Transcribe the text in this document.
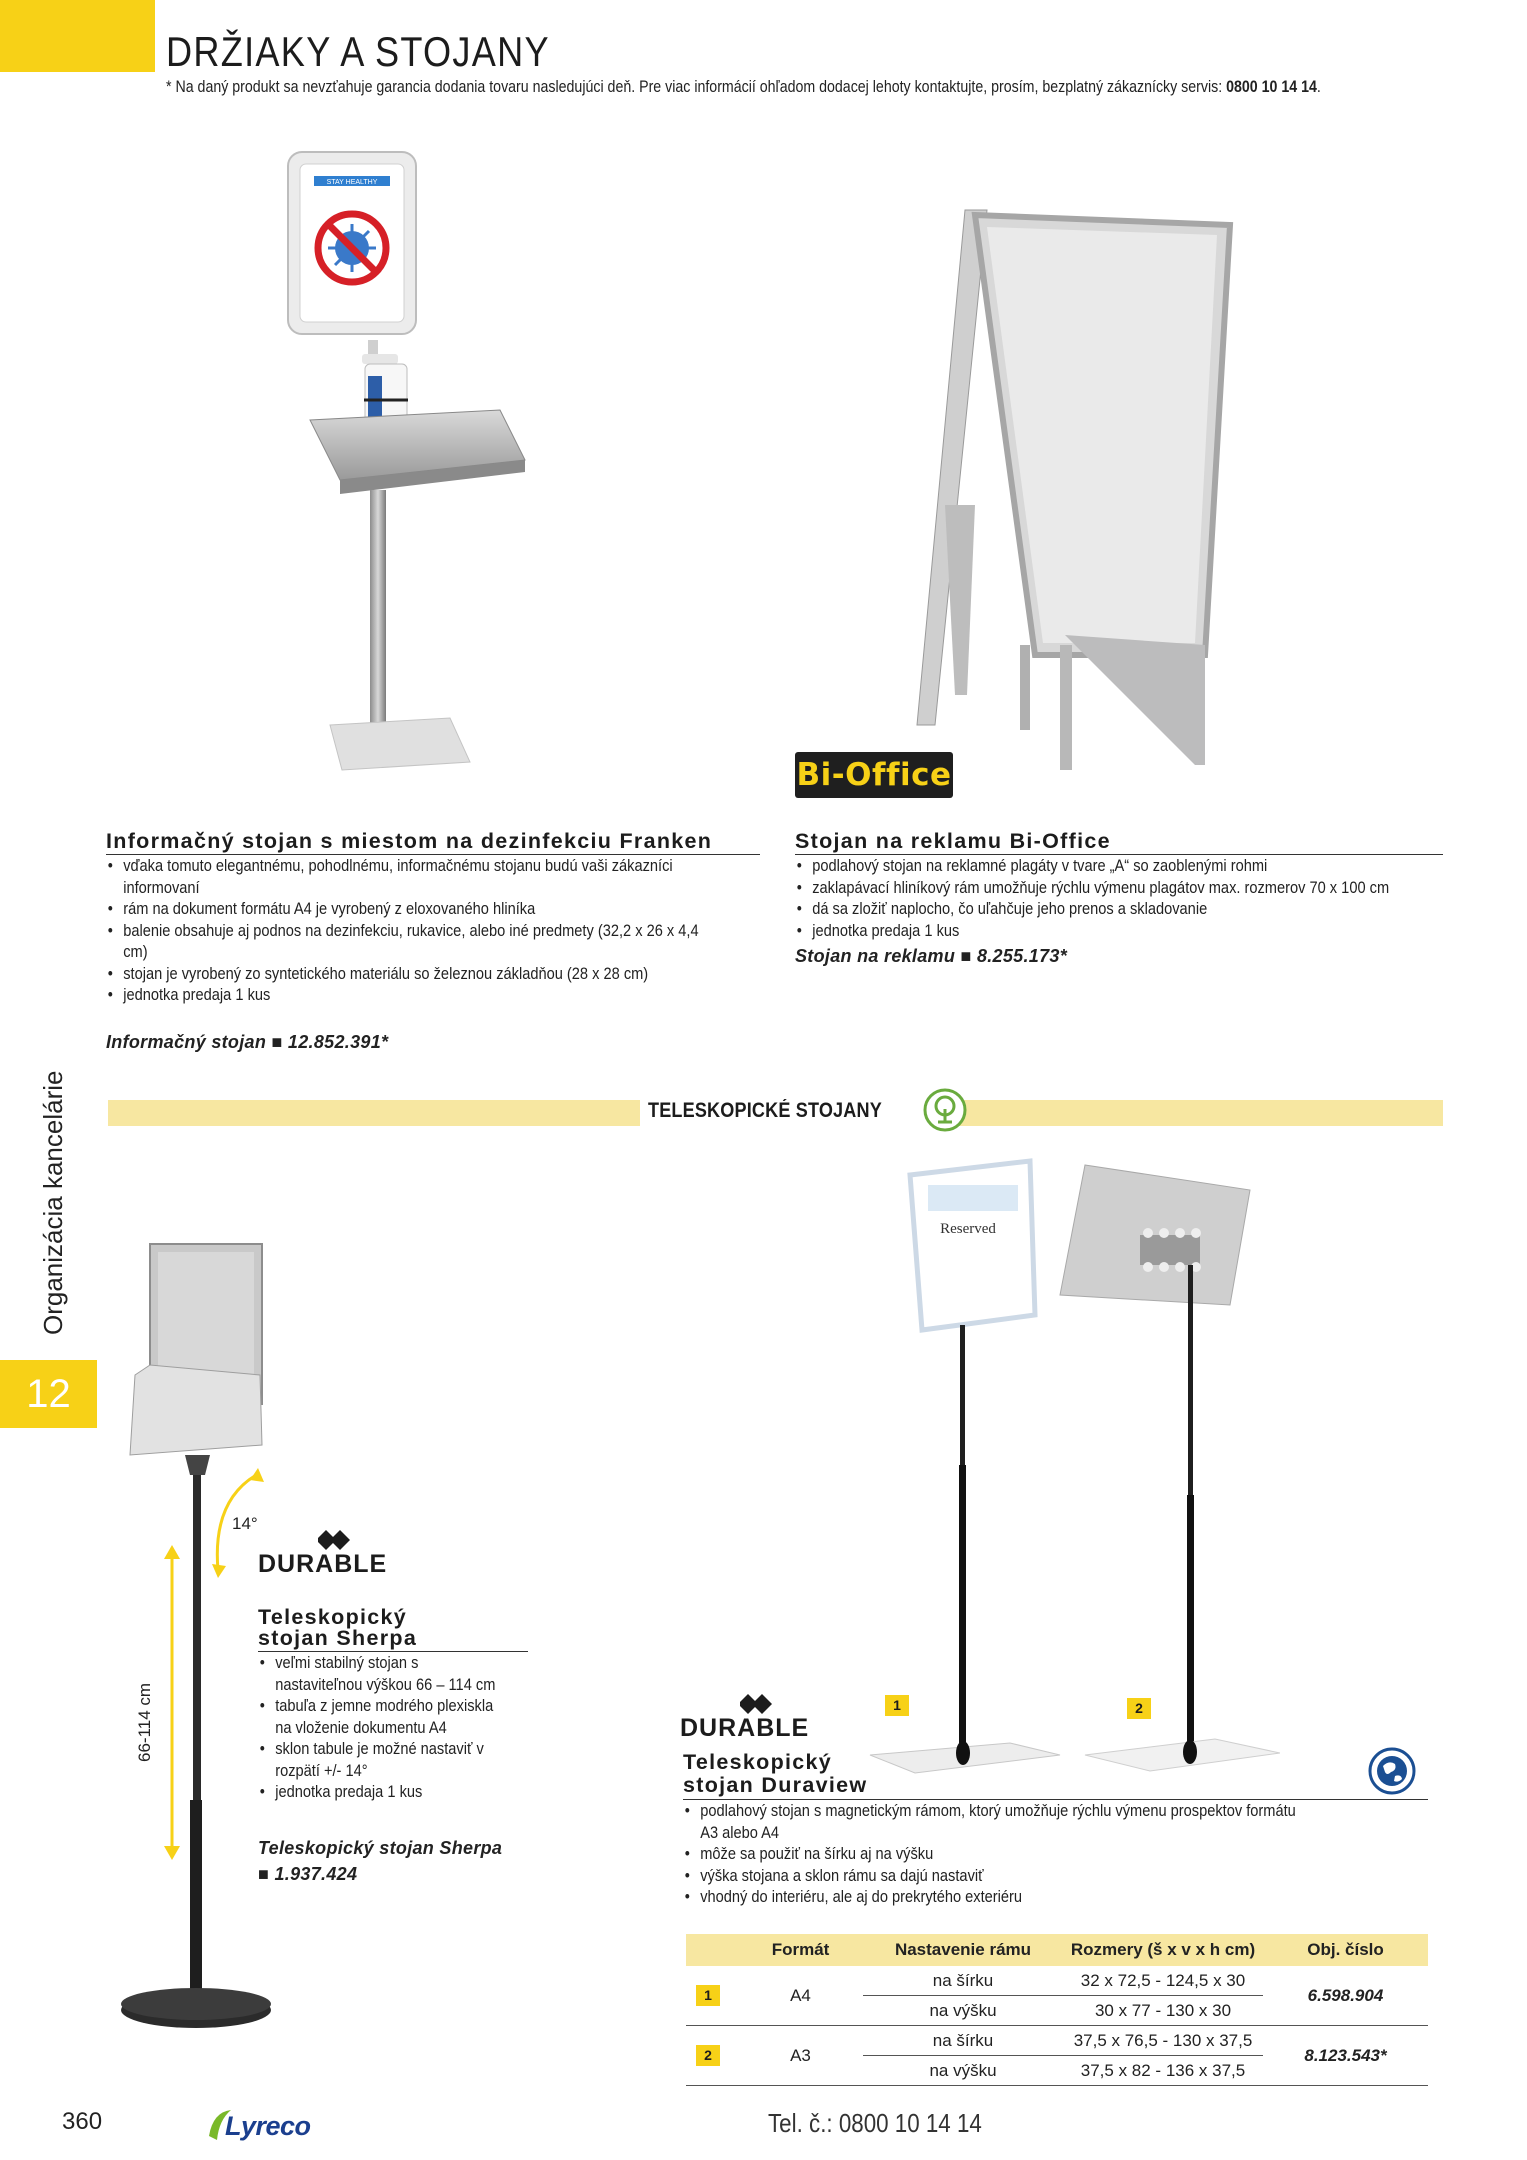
DRŽIAKY A STOJANY
* Na daný produkt sa nevzťahuje garancia dodania tovaru nasledujúci deň. Pre viac informácií ohľadom dodacej lehoty kontaktujte, prosím, bezplatný zákaznícky servis: 0800 10 14 14.
Organizácia kancelárie
12
STAY HEALTHY
Bi-Office
Informačný stojan s miestom na dezinfekciu Franken
• vďaka tomuto elegantnému, pohodlnému, informačnému stojanu budú vaši zákazníci informovaní
• rám na dokument formátu A4 je vyrobený z eloxovaného hliníka
• balenie obsahuje aj podnos na dezinfekciu, rukavice, alebo iné predmety (32,2 x 26 x 4,4 cm)
• stojan je vyrobený zo syntetického materiálu so železnou základňou (28 x 28 cm)
• jednotka predaja 1 kus
Informačný stojan ■ 12.852.391*
Stojan na reklamu Bi-Office
• podlahový stojan na reklamné plagáty v tvare „A“ so zaoblenými rohmi
• zaklapávací hliníkový rám umožňuje rýchlu výmenu plagátov max. rozmerov 70 x 100 cm
• dá sa zložiť naplocho, čo uľahčuje jeho prenos a skladovanie
• jednotka predaja 1 kus
Stojan na reklamu ■ 8.255.173*
TELESKOPICKÉ STOJANY
14°
66-114 cm
DURABLE
Teleskopický
stojan Sherpa
• veľmi stabilný stojan s nastaviteľnou výškou 66 – 114 cm
• tabuľa z jemne modrého plexiskla na vloženie dokumentu A4
• sklon tabule je možné nastaviť v rozpätí +/- 14°
• jednotka predaja 1 kus
Teleskopický stojan Sherpa
■ 1.937.424
Reserved
1	2
DURABLE
Teleskopický
stojan Duraview
• podlahový stojan s magnetickým rámom, ktorý umožňuje rýchlu výmenu prospektov formátu A3 alebo A4
• môže sa použiť na šírku aj na výšku
• výška stojana a sklon rámu sa dajú nastaviť
• vhodný do interiéru, ale aj do prekrytého exteriéru
	Formát	Nastavenie rámu	Rozmery (š x v x h cm)	Obj. číslo

1	A4	na šírku	32 x 72,5 - 124,5 x 30	6.598.904
		na výšku	30 x 77 - 130 x 30	

2	A3	na šírku	37,5 x 76,5 - 130 x 37,5	8.123.543*
		na výšku	37,5 x 82 - 136 x 37,5	
360	Lyreco	Tel. č.: 0800 10 14 14
